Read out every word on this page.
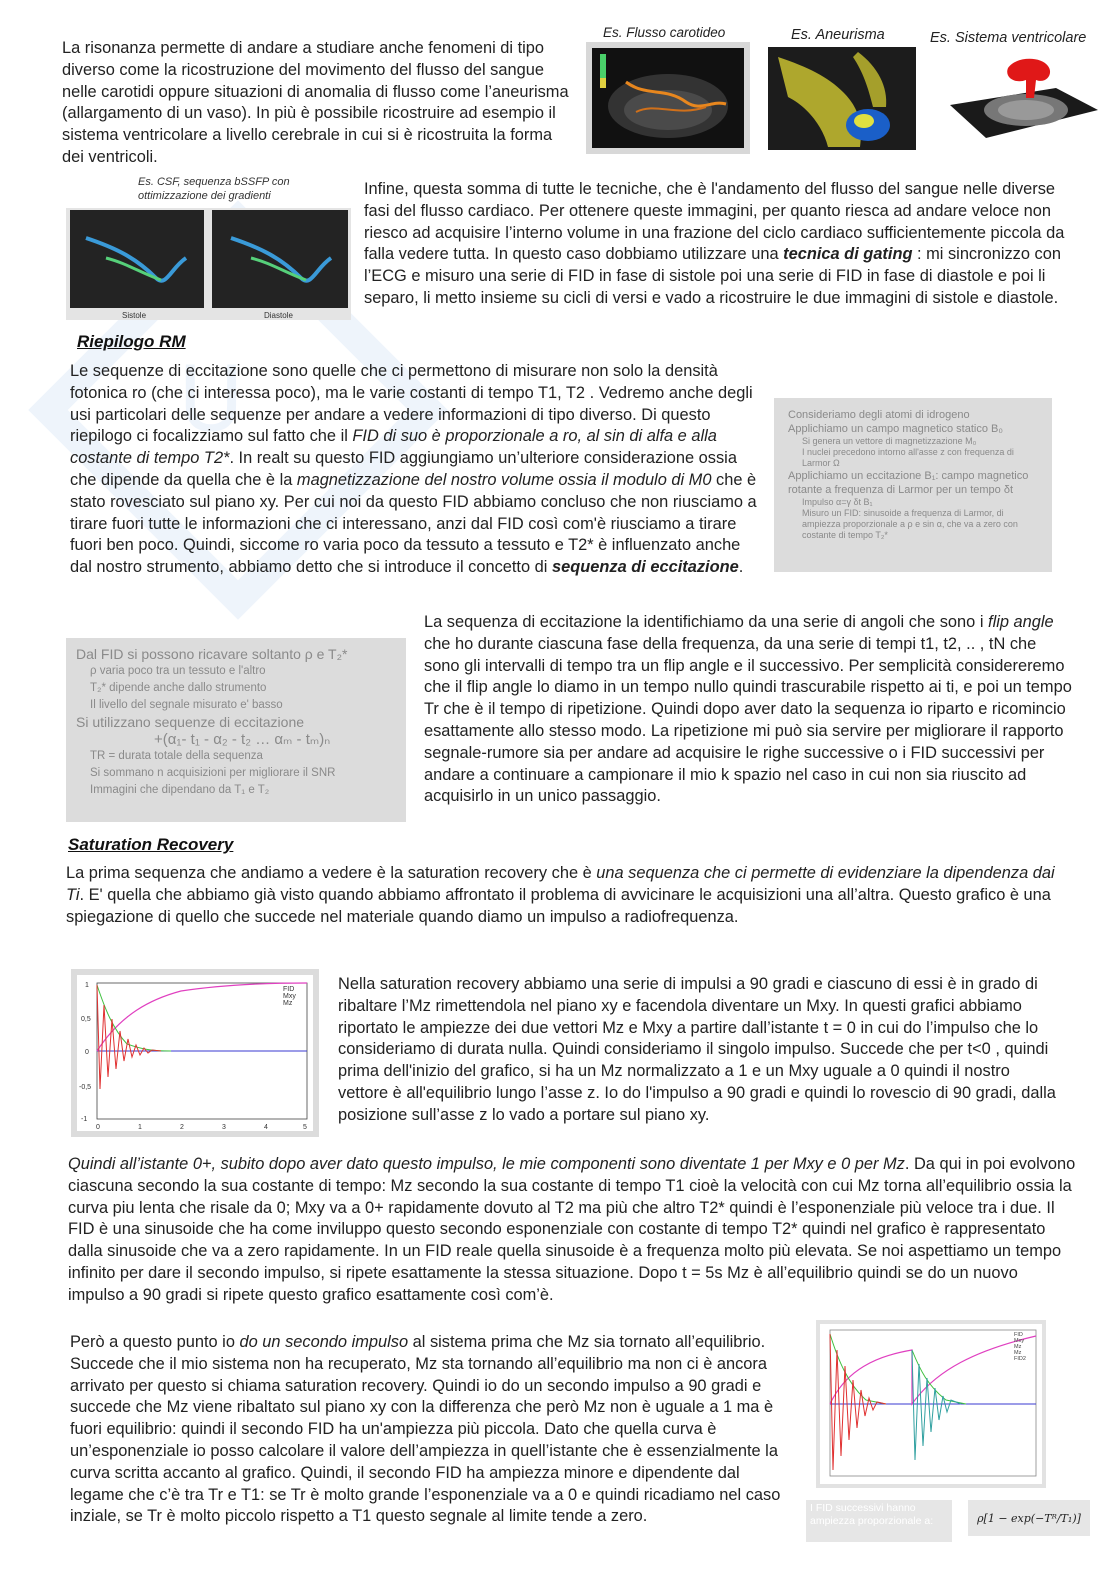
U
La risonanza permette di andare a studiare anche fenomeni di tipo diverso come la ricostruzione del movimento del flusso del sangue nelle carotidi oppure situazioni di anomalia di flusso come l’aneurisma (allargamento di un vaso). In più è possibile ricostruire ad esempio il sistema ventricolare a livello cerebrale in cui si è ricostruita la forma dei ventricoli.
Es. Flusso carotideo	Es. Aneurisma	Es. Sistema ventricolare
Es. CSF, sequenza bSSFP con ottimizzazione dei gradienti
Sistole	Diastole
Infine, questa somma di tutte le tecniche, che è l'andamento del flusso del sangue nelle diverse fasi del flusso cardiaco. Per ottenere queste immagini, per quanto riesca ad andare veloce non riesco ad acquisire l’interno volume in una frazione del ciclo cardiaco sufficientemente piccola da falla vedere tutta. In questo caso dobbiamo utilizzare una tecnica di gating : mi sincronizzo con l’ECG e misuro una serie di FID in fase di sistole poi una serie di FID in fase di diastole e poi li separo, li metto insieme su cicli di versi e vado a ricostruire le due immagini di sistole e diastole.
Riepilogo RM
Le sequenze di eccitazione sono quelle che ci permettono di misurare non solo la densità fotonica ro (che ci interessa poco), ma le varie costanti di tempo T1, T2 . Vedremo anche degli usi particolari delle sequenze per andare a vedere informazioni di tipo diverso. Di questo riepilogo ci focalizziamo sul fatto che il FID di suo è proporzionale a ro, al sin di alfa e alla costante di tempo T2*. In realt su questo FID aggiungiamo un’ulteriore considerazione ossia che dipende da quella che è la magnetizzazione del nostro volume ossia il modulo di M0 che è stato rovesciato sul piano xy. Per cui noi da questo FID abbiamo concluso che non riusciamo a tirare fuori tutte le informazioni che ci interessano, anzi dal FID così com'è riusciamo a tirare fuori ben poco. Quindi, siccome ro varia poco da tessuto a tessuto e T2* è influenzato anche dal nostro strumento, abbiamo detto che si introduce il concetto di sequenza di eccitazione.
Consideriamo degli atomi di idrogeno
Applichiamo un campo magnetico statico B₀
Si genera un vettore di magnetizzazione M₀
I nuclei precedono intorno all'asse z con frequenza di Larmor Ω
Applichiamo un eccitazione B₁: campo magnetico rotante a frequenza di Larmor per un tempo δt
Impulso α=γ δt B₁
Misuro un FID: sinusoide a frequenza di Larmor, di ampiezza proporzionale a ρ e sin α, che va a zero con costante di tempo T₂*
Dal FID si possono ricavare soltanto ρ e T₂*
ρ varia poco tra un tessuto e l'altro
T₂* dipende anche dallo strumento
Il livello del segnale misurato e' basso
Si utilizzano sequenze di eccitazione
+(α₁- t₁ - α₂ - t₂ … αₘ - tₘ)ₙ
TR = durata totale della sequenza
Si sommano n acquisizioni per migliorare il SNR
Immagini che dipendano da T₁ e T₂
La sequenza di eccitazione la identifichiamo da una serie di angoli che sono i flip angle che ho durante ciascuna fase della frequenza, da una serie di tempi t1, t2, .. , tN che sono gli intervalli di tempo tra un flip angle e il successivo. Per semplicità considereremo che il flip angle lo diamo in un tempo nullo quindi trascurabile rispetto ai ti, e poi un tempo Tr che è il tempo di ripetizione. Quindi dopo aver dato la sequenza io riparto e ricomincio esattamente allo stesso modo. La ripetizione mi può sia servire per migliorare il rapporto segnale-rumore sia per andare ad acquisire le righe successive o i FID successivi per andare a continuare a campionare il mio k spazio nel caso in cui non sia riuscito ad acquisirlo in un unico passaggio.
Saturation Recovery
La prima sequenza che andiamo a vedere è la saturation recovery che è una sequenza che ci permette di evidenziare la dipendenza dai Ti. E' quella che abbiamo già visto quando abbiamo affrontato il problema di avvicinare le acquisizioni una all’altra. Questo grafico è una spiegazione di quello che succede nel materiale quando diamo un impulso a radiofrequenza.
FID
Mxy
Mz
1
0,5
0
-0,5
-1
0	1	2	3	4	5
Nella saturation recovery abbiamo una serie di impulsi a 90 gradi e ciascuno di essi è in grado di ribaltare l’Mz rimettendola nel piano xy e facendola diventare un Mxy. In questi grafici abbiamo riportato le ampiezze dei due vettori Mz e Mxy a partire dall’istante t = 0 in cui do l’impulso che lo consideriamo di durata nulla. Quindi consideriamo il singolo impulso. Succede che per t<0 , quindi prima dell'inizio del grafico, si ha un Mz normalizzato a 1 e un Mxy uguale a 0 quindi il nostro vettore è all'equilibrio lungo l’asse z. Io do l'impulso a 90 gradi e quindi lo rovescio di 90 gradi, dalla posizione sull’asse z lo vado a portare sul piano xy.
Quindi all’istante 0+, subito dopo aver dato questo impulso, le mie componenti sono diventate 1 per Mxy e 0 per Mz. Da qui in poi evolvono ciascuna secondo la sua costante di tempo: Mz secondo la sua costante di tempo T1 cioè la velocità con cui Mz torna all’equilibrio ossia la curva piu lenta che risale da 0; Mxy va a 0+ rapidamente dovuto al T2 ma più che altro T2* quindi è l’esponenziale più veloce tra i due. Il FID è una sinusoide che ha come inviluppo questo secondo esponenziale con costante di tempo T2* quindi nel grafico è rappresentato dalla sinusoide che va a zero rapidamente. In un FID reale quella sinusoide è a frequenza molto più elevata. Se noi aspettiamo un tempo infinito per dare il secondo impulso, si ripete esattamente la stessa situazione. Dopo t = 5s Mz è all’equilibrio quindi se do un nuovo impulso a 90 gradi si ripete questo grafico esattamente così com’è.
Però a questo punto io do un secondo impulso al sistema prima che Mz sia tornato all’equilibrio. Succede che il mio sistema non ha recuperato, Mz sta tornando all’equilibrio ma non ci è ancora arrivato per questo si chiama saturation recovery. Quindi io do un secondo impulso a 90 gradi e succede che Mz viene ribaltato sul piano xy con la differenza che però Mz non è uguale a 1 ma è fuori equilibrio: quindi il secondo FID ha un'ampiezza più piccola. Dato che quella curva è un’esponenziale io posso calcolare il valore dell’ampiezza in quell’istante che è essenzialmente la curva scritta accanto al grafico. Quindi, il secondo FID ha ampiezza minore e dipendente dal legame che c’è tra Tr e T1: se Tr è molto grande l’esponenziale va a 0 e quindi ricadiamo nel caso inziale, se Tr è molto piccolo rispetto a T1 questo segnale al limite tende a zero.
FID
Mxy
Mz
Mz
FID2
I FID successivi hanno ampiezza proporzionale a:	ρ[1 − exp(−Tᴿ/T₁)]
